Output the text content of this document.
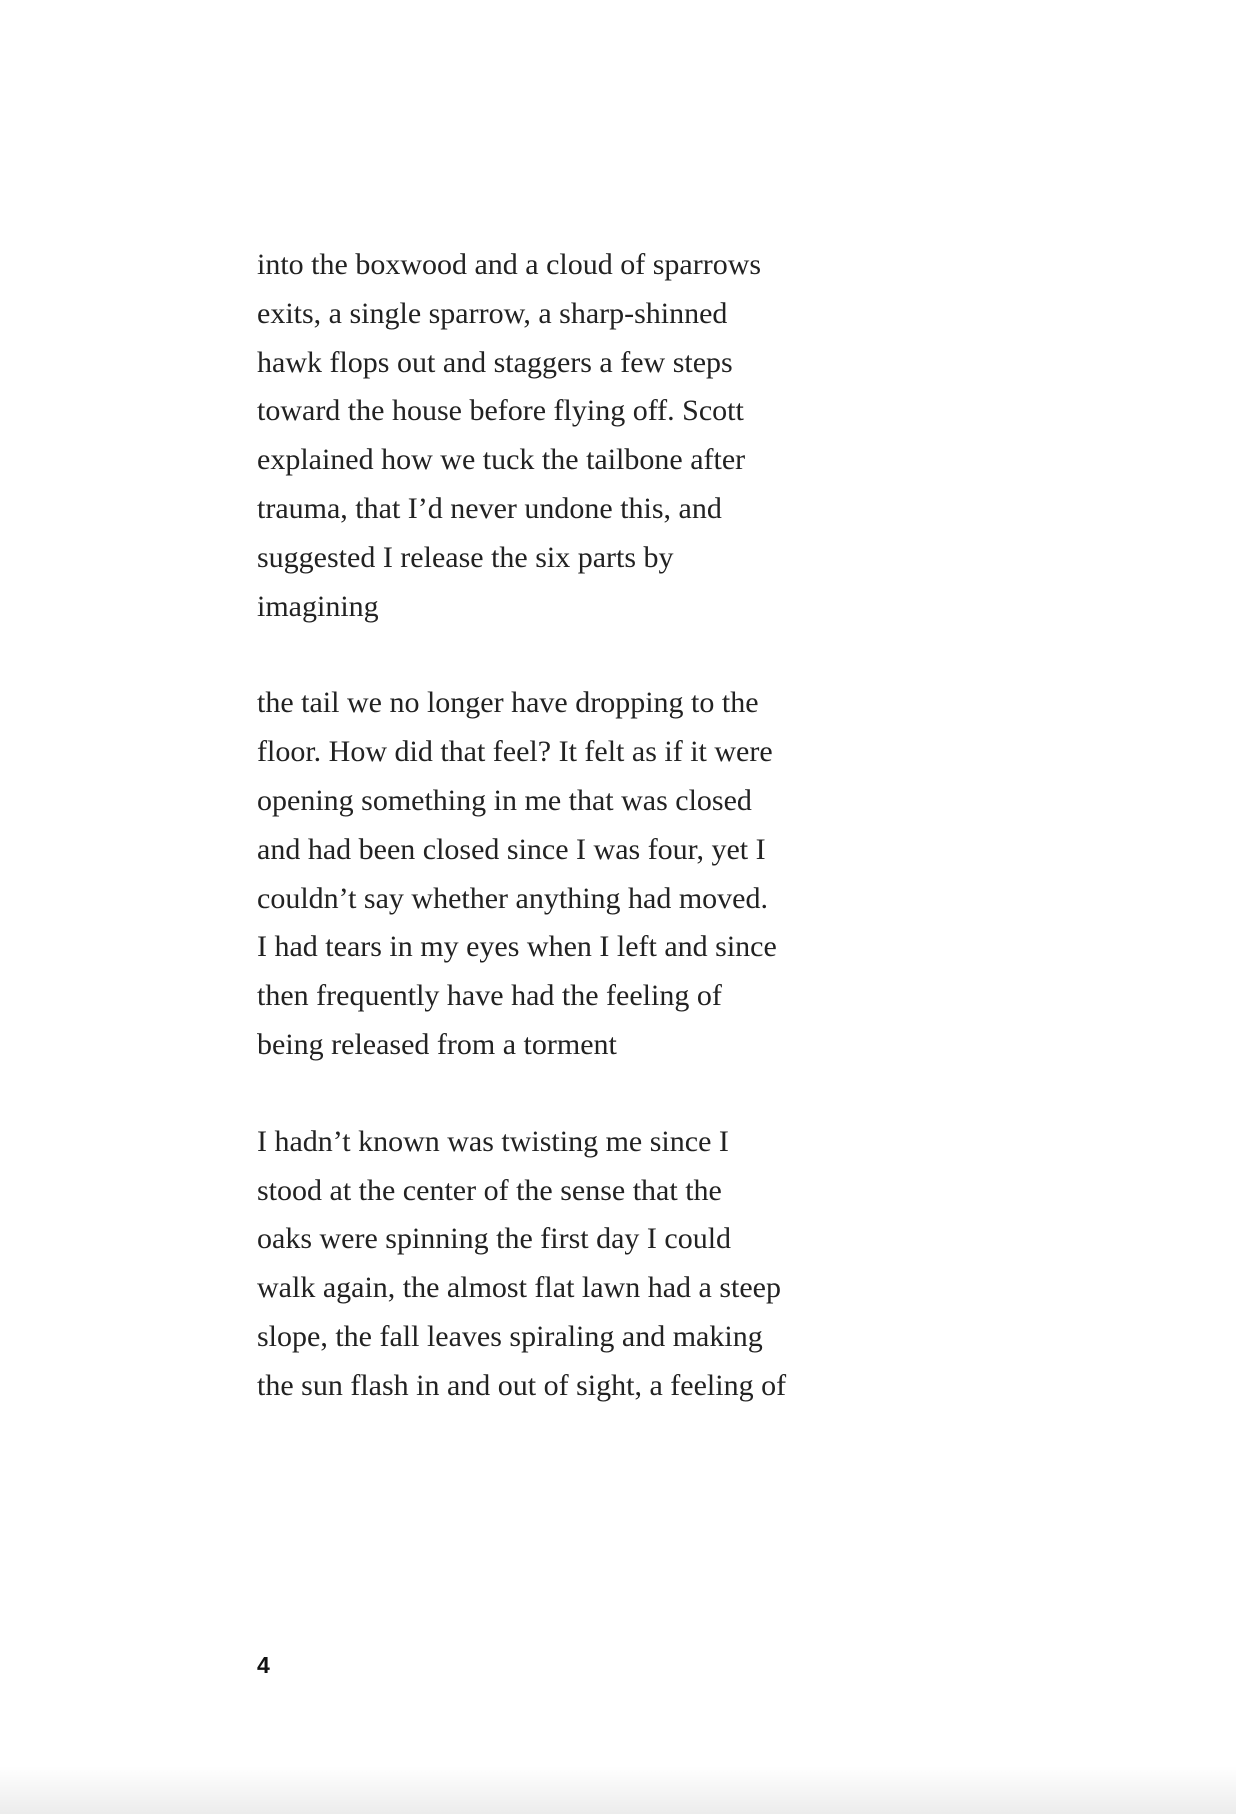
into the boxwood and a cloud of sparrows
exits, a single sparrow, a sharp-shinned
hawk flops out and staggers a few steps
toward the house before flying off. Scott
explained how we tuck the tailbone after
trauma, that I’d never undone this, and
suggested I release the six parts by
imagining
the tail we no longer have dropping to the
floor. How did that feel? It felt as if it were
opening something in me that was closed
and had been closed since I was four, yet I
couldn’t say whether anything had moved.
I had tears in my eyes when I left and since
then frequently have had the feeling of
being released from a torment
I hadn’t known was twisting me since I
stood at the center of the sense that the
oaks were spinning the first day I could
walk again, the almost flat lawn had a steep
slope, the fall leaves spiraling and making
the sun flash in and out of sight, a feeling of
4
